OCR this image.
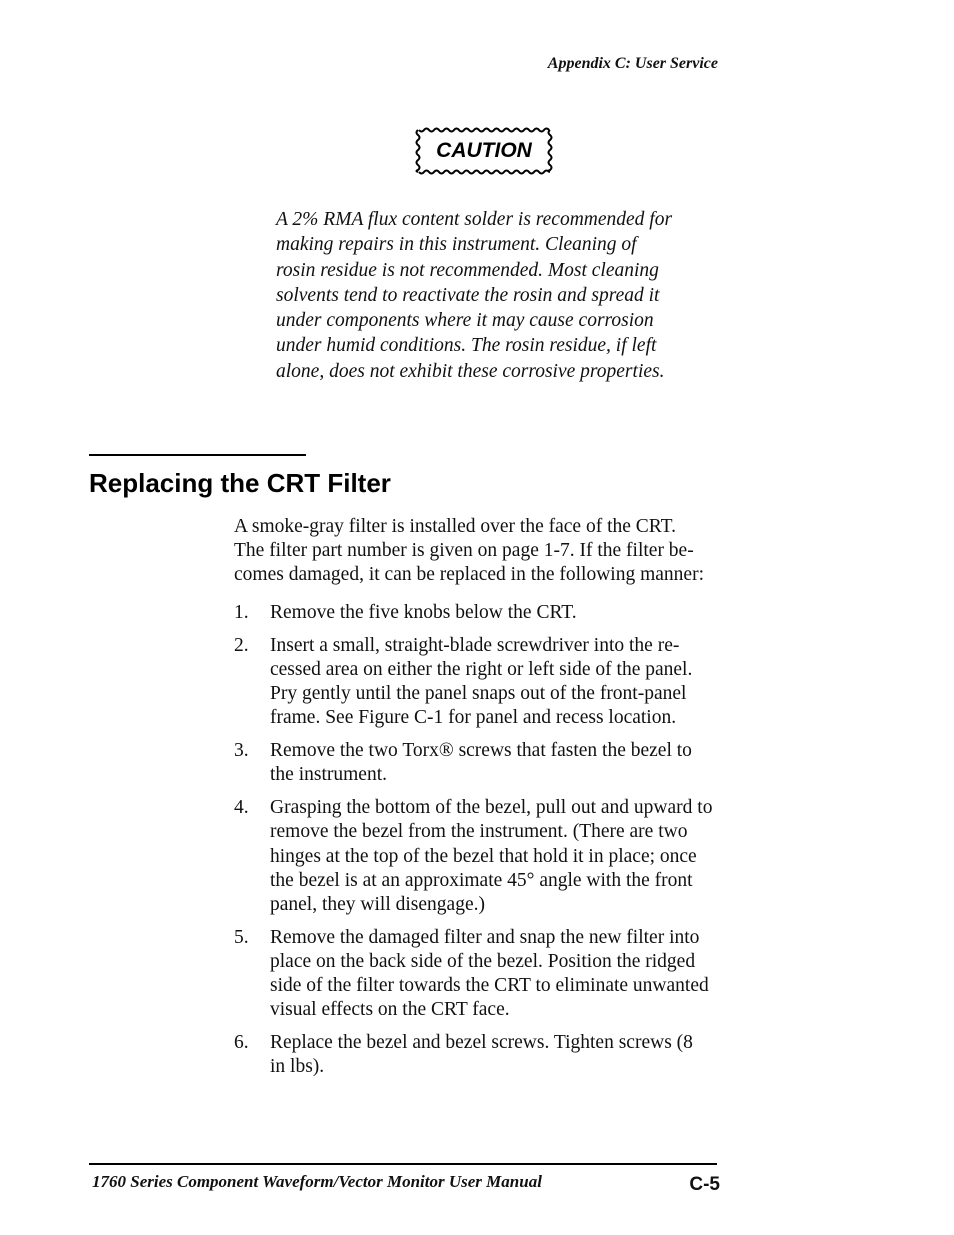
Appendix C: User Service
CAUTION
A 2% RMA flux content solder is recommended for
making repairs in this instrument. Cleaning of
rosin residue is not recommended. Most cleaning
solvents tend to reactivate the rosin and spread it
under components where it may cause corrosion
under humid conditions. The rosin residue, if left
alone, does not exhibit these corrosive properties.
Replacing the CRT Filter
A smoke-gray filter is installed over the face of the CRT.
The filter part number is given on page 1-7. If the filter be-
comes damaged, it can be replaced in the following manner:
1. Remove the five knobs below the CRT.
2. Insert a small, straight-blade screwdriver into the re-
cessed area on either the right or left side of the panel.
Pry gently until the panel snaps out of the front-panel
frame. See Figure C-1 for panel and recess location.
3. Remove the two Torx® screws that fasten the bezel to
the instrument.
4. Grasping the bottom of the bezel, pull out and upward to
remove the bezel from the instrument. (There are two
hinges at the top of the bezel that hold it in place; once
the bezel is at an approximate 45° angle with the front
panel, they will disengage.)
5. Remove the damaged filter and snap the new filter into
place on the back side of the bezel. Position the ridged
side of the filter towards the CRT to eliminate unwanted
visual effects on the CRT face.
6. Replace the bezel and bezel screws. Tighten screws (8
in lbs).
1760 Series Component Waveform/Vector Monitor User Manual	C-5
